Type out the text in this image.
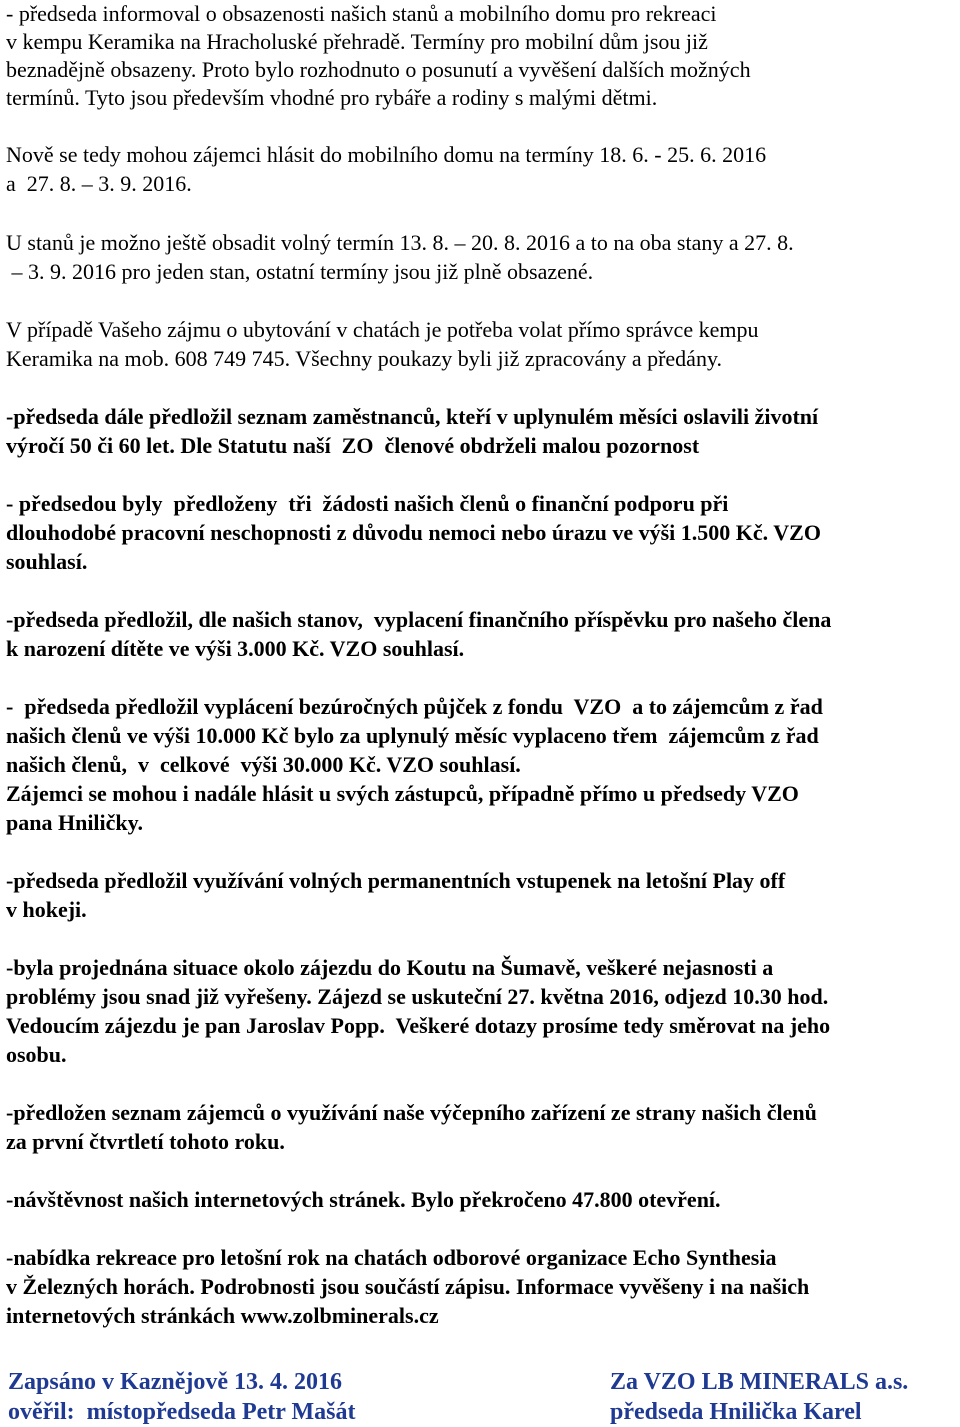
- předseda informoval o obsazenosti našich stanů a mobilního domu pro rekreaci
v kempu Keramika na Hracholuské přehradě. Termíny pro mobilní dům jsou již
beznadějně obsazeny. Proto bylo rozhodnuto o posunutí a vyvěšení dalších možných
termínů. Tyto jsou především vhodné pro rybáře a rodiny s malými dětmi.

Nově se tedy mohou zájemci hlásit do mobilního domu na termíny 18. 6. - 25. 6. 2016
a  27. 8. – 3. 9. 2016.

U stanů je možno ještě obsadit volný termín 13. 8. – 20. 8. 2016 a to na oba stany a 27. 8.
– 3. 9. 2016 pro jeden stan, ostatní termíny jsou již plně obsazené.

V případě Vašeho zájmu o ubytování v chatách je potřeba volat přímo správce kempu
Keramika na mob. 608 749 745. Všechny poukazy byli již zpracovány a předány.

-předseda dále předložil seznam zaměstnanců, kteří v uplynulém měsíci oslavili životní
výročí 50 či 60 let. Dle Statutu naší  ZO  členové obdrželi malou pozornost

- předsedou byly  předloženy  tři  žádosti našich členů o finanční podporu při
dlouhodobé pracovní neschopnosti z důvodu nemoci nebo úrazu ve výši 1.500 Kč. VZO
souhlasí.

-předseda předložil, dle našich stanov,  vyplacení finančního příspěvku pro našeho člena
k narození dítěte ve výši 3.000 Kč. VZO souhlasí.

-  předseda předložil vyplácení bezúročných půjček z fondu  VZO  a to zájemcům z řad
našich členů ve výši 10.000 Kč bylo za uplynulý měsíc vyplaceno třem  zájemcům z řad
našich členů,  v  celkové  výši 30.000 Kč. VZO souhlasí.
Zájemci se mohou i nadále hlásit u svých zástupců, případně přímo u předsedy VZO
pana Hniličky.

-předseda předložil využívání volných permanentních vstupenek na letošní Play off
v hokeji.

-byla projednána situace okolo zájezdu do Koutu na Šumavě, veškeré nejasnosti a
problémy jsou snad již vyřešeny. Zájezd se uskuteční 27. května 2016, odjezd 10.30 hod.
Vedoucím zájezdu je pan Jaroslav Popp.  Veškeré dotazy prosíme tedy směrovat na jeho
osobu.

-předložen seznam zájemců o využívání naše výčepního zařízení ze strany našich členů
za první čtvrtletí tohoto roku.

-návštěvnost našich internetových stránek. Bylo překročeno 47.800 otevření.

-nabídka rekreace pro letošní rok na chatách odborové organizace Echo Synthesia
v Železných horách. Podrobnosti jsou součástí zápisu. Informace vyvěšeny i na našich
internetových stránkách www.zolbminerals.cz

Zapsáno v Kaznějově 13. 4. 2016
ověřil:  místopředseda Petr Mašát
Za VZO LB MINERALS a.s.
předseda Hnilička Karel
